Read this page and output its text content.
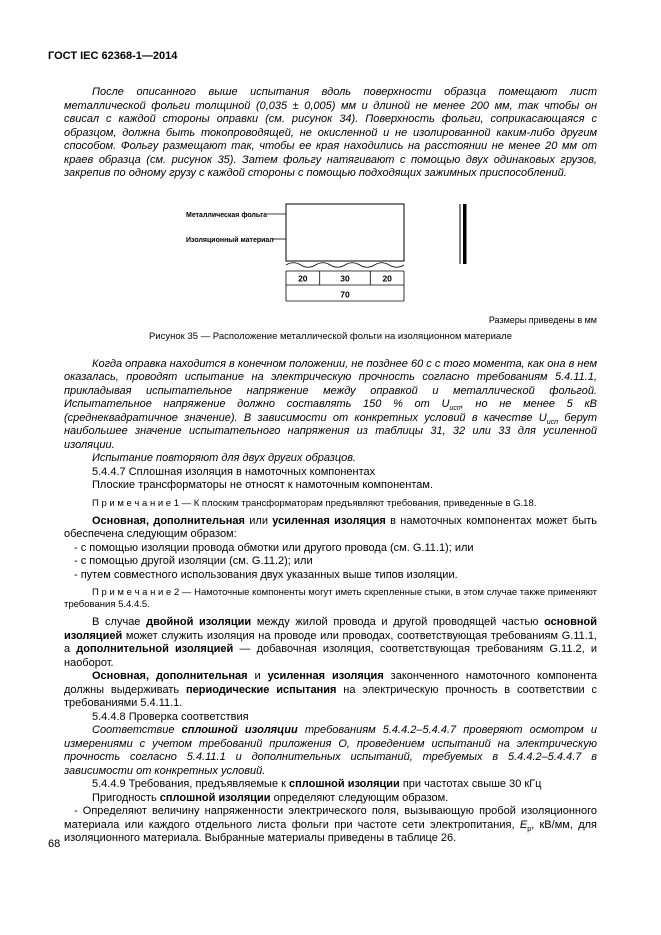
ГОСТ IEC 62368-1—2014

После описанного выше испытания вдоль поверхности образца помещают лист металлической фольги толщиной (0,035 ± 0,005) мм и длиной не менее 200 мм, так чтобы он свисал с каждой стороны оправки (см. рисунок 34). Поверхность фольги, соприкасающаяся с образцом, должна быть токопроводящей, не окисленной и не изолированной каким-либо другим способом. Фольгу размещают так, чтобы ее края находились на расстоянии не менее 20 мм от краев образца (см. рисунок 35). Затем фольгу натягивают с помощью двух одинаковых грузов, закрепив по одному грузу с каждой стороны с помощью подходящих зажимных приспособлений.

Металлическая фольга
Изоляционный материал
20	30	20
70
Размеры приведены в мм
Рисунок 35 — Расположение металлической фольги на изоляционном материале

Когда оправка находится в конечном положении, не позднее 60 с с того момента, как она в нем оказалась, проводят испытание на электрическую прочность согласно требованиям 5.4.11.1, прикладывая испытательное напряжение между оправкой и металлической фольгой. Испытательное напряжение должно составлять 150 % от $U_{исп}$, но не менее 5 кВ (среднеквадратичное значение). В зависимости от конкретных условий в качестве $U_{исп}$ берут наибольшее значение испытательного напряжения из таблицы 31, 32 или 33 для усиленной изоляции.

Испытание повторяют для двух других образцов.

5.4.4.7 Сплошная изоляция в намоточных компонентах

Плоские трансформаторы не относят к намоточным компонентам.

П р и м е ч а н и е 1 — К плоским трансформаторам предъявляют требования, приведенные в G.18.

Основная, дополнительная или усиленная изоляция в намоточных компонентах может быть обеспечена следующим образом:

- с помощью изоляции провода обмотки или другого провода (см. G.11.1); или

- с помощью другой изоляции (см. G.11.2); или

- путем совместного использования двух указанных выше типов изоляции.

П р и м е ч а н и е 2 — Намоточные компоненты могут иметь скрепленные стыки, в этом случае также применяют требования 5.4.4.5.

В случае двойной изоляции между жилой провода и другой проводящей частью основной изоляцией может служить изоляция на проводе или проводах, соответствующая требованиям G.11.1, а дополнительной изоляцией — добавочная изоляция, соответствующая требованиям G.11.2, и наоборот.

Основная, дополнительная и усиленная изоляция законченного намоточного компонента должны выдерживать периодические испытания на электрическую прочность в соответствии с требованиями 5.4.11.1.

5.4.4.8 Проверка соответствия

Соответствие сплошной изоляции требованиям 5.4.4.2–5.4.4.7 проверяют осмотром и измерениями с учетом требований приложения O, проведением испытаний на электрическую прочность согласно 5.4.11.1 и дополнительных испытаний, требуемых в 5.4.4.2–5.4.4.7 в зависимости от конкретных условий.

5.4.4.9 Требования, предъявляемые к сплошной изоляции при частотах свыше 30 кГц

Пригодность сплошной изоляции определяют следующим образом.

- Определяют величину напряженности электрического поля, вызывающую пробой изоляционного материала или каждого отдельного листа фольги при частоте сети электропитания, $E_р$, кВ/мм, для изоляционного материала. Выбранные материалы приведены в таблице 26.

68
